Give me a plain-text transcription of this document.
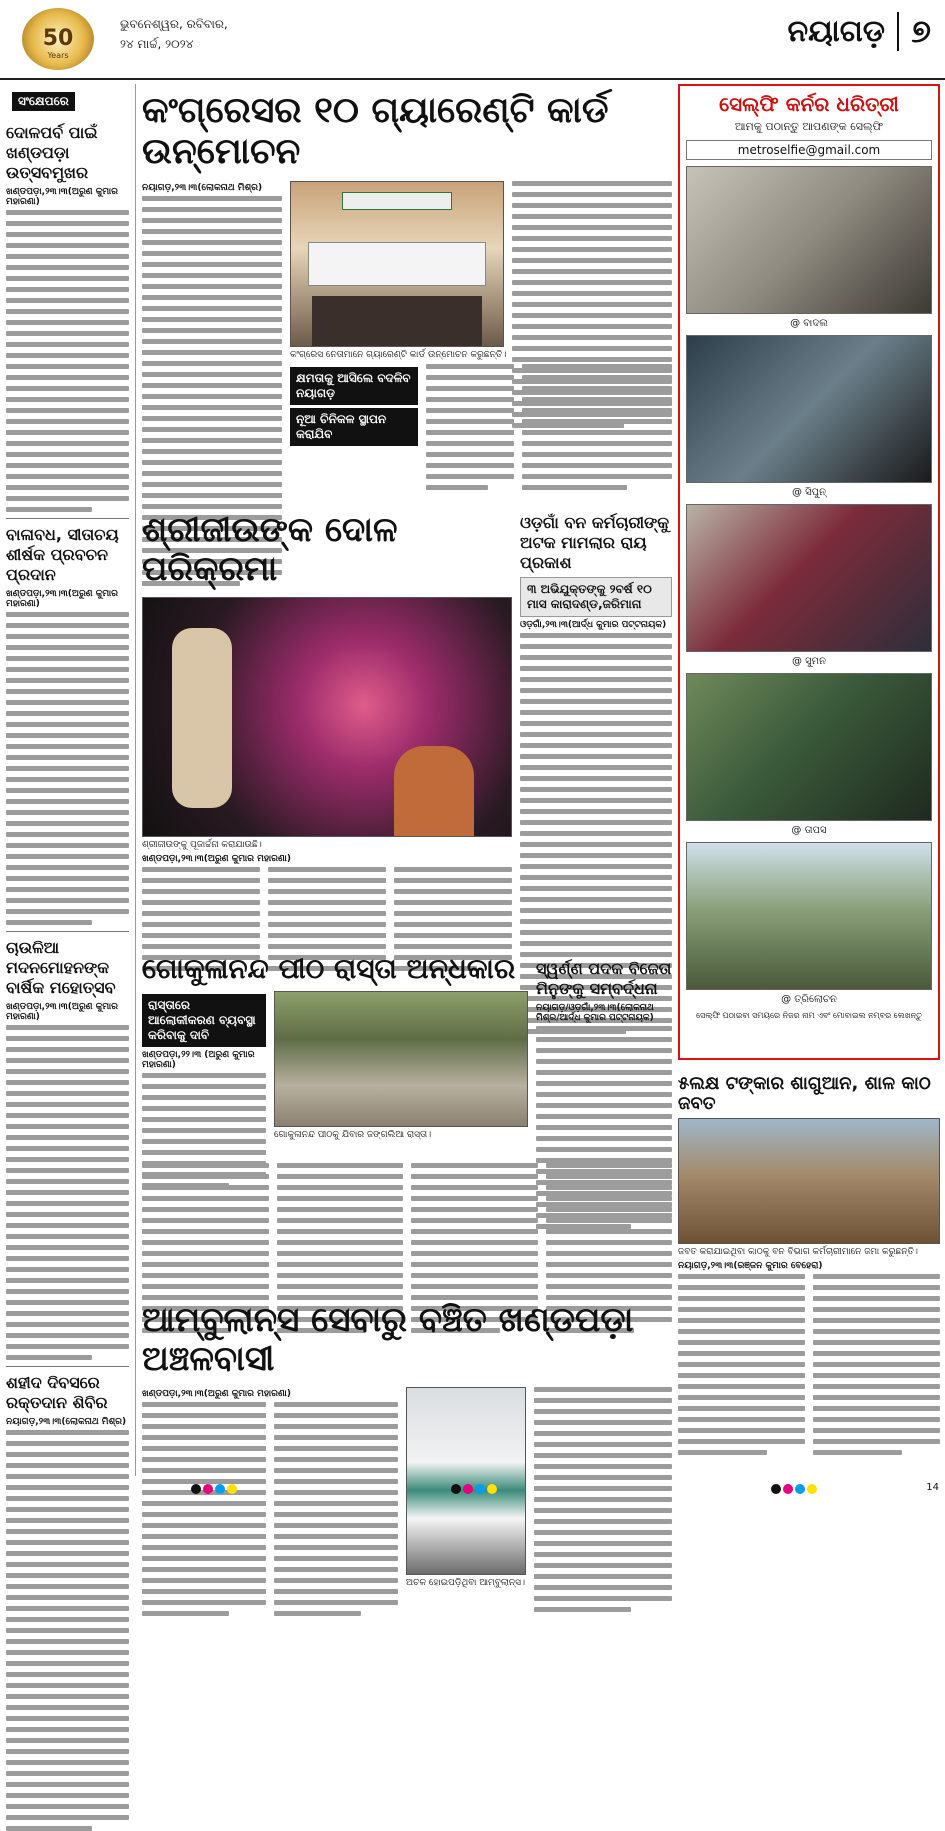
50
Years
ଭୁବନେଶ୍ୱର, ରବିବାର,
୨୪ ମାର୍ଚ୍ଚ, ୨୦୨୪	ନୟାଗଡ଼ ୭
ସଂକ୍ଷେପରେ
ଦୋଳପର୍ବ ପାଇଁ ଖଣ୍ଡପଡ଼ା ଉତ୍ସବମୁଖର
ଖଣ୍ଡପଡ଼ା,୨୩।୩(ଅରୁଣ କୁମାର ମହାରଣା)
ବାଳାବଧ, ସୀତାଚୟ ଶୀର୍ଷକ ପ୍ରବଚନ ପ୍ରଦାନ
ଖଣ୍ଡପଡ଼ା,୨୩।୩(ଅରୁଣ କୁମାର ମହାରଣା)
ଚାଉଳିଆ ମଦନମୋହନଙ୍କ ବାର୍ଷିକ ମହୋତ୍ସବ
ଖଣ୍ଡପଡ଼ା,୨୩।୩(ଅରୁଣ କୁମାର ମହାରଣା)
ଶହୀଦ ଦିବସରେ ରକ୍ତଦାନ ଶିବିର
ନୟାଗଡ଼,୨୩।୩(ଲୋକନାଥ ମିଶ୍ର)
କଂଗ୍ରେସର ୧୦ ଗ୍ୟାରେଣ୍ଟି କାର୍ଡ ଉନ୍ମୋଚନ
ନୟାଗଡ଼,୨୩।୩(ଲୋକନାଥ ମିଶ୍ର)
କଂଗ୍ରେସ ନେତାମାନେ ଗ୍ୟାରେଣ୍ଟି କାର୍ଡ ଉନ୍ମୋଚନ କରୁଛନ୍ତି।
କ୍ଷମତାକୁ ଆସିଲେ ବଦଳିବ ନୟାଗଡ଼
ନୂଆ ଚିନିକଳ ସ୍ଥାପନ କରାଯିବ
ଶ୍ରୀଜୀଉଙ୍କ ଦୋଳ ପରିକ୍ରମା
ଶ୍ରୀଜୀଉଙ୍କୁ ପୂଜାର୍ଚ୍ଚନା କରାଯାଉଛି।
ଖଣ୍ଡପଡ଼ା,୨୩।୩(ଅରୁଣ କୁମାର ମହାରଣା)
ଓଡ଼ଗାଁ ବନ କର୍ମଚାରୀଙ୍କୁ ଅଟକ ମାମଲାର ରାୟ ପ୍ରକାଶ
୩ ଅଭିଯୁକ୍ତଙ୍କୁ ୨ବର୍ଷ ୧୦ ମାସ କାରାଦଣ୍ଡ,ଜରିମାନା
ଓଡ଼ଗାଁ,୨୩।୩(ଆର୍ଦ୍ଧ କୁମାର ପଟ୍ଟନାୟକ)
ଗୋକୁଳାନନ୍ଦ ପୀଠ ରାସ୍ତା ଅନ୍ଧକାର
ରାସ୍ତାରେ ଆଲୋକୀକରଣ ବ୍ୟବସ୍ଥା କରିବାକୁ ଦାବି
ଖଣ୍ଡପଡ଼ା,୨୨।୩ (ଅରୁଣ କୁମାର ମହାରଣା)
ଗୋକୁଳାନନ୍ଦ ପୀଠକୁ ଯିବାର ଜଙ୍ଗଲିଆ ରାସ୍ତା।
ସ୍ୱର୍ଣ୍ଣ ପଦକ ବିଜେତା ମିନୁଙ୍କୁ ସମ୍ବର୍ଦ୍ଧନା
ନୟାଗଡ଼/ଓଡ଼ଗାଁ,୨୩।୩(ଲୋକନାଥ ମିଶ୍ର/ଆର୍ଦ୍ଧ କୁମାର ପଟ୍ଟନାୟକ)
ଆମ୍ବୁଲାନ୍ସ ସେବାରୁ ବଞ୍ଚିତ ଖଣ୍ଡପଡ଼ା ଅଞ୍ଚଳବାସୀ
ଖଣ୍ଡପଡ଼ା,୨୩।୩(ଅରୁଣ କୁମାର ମହାରଣା)
ଅଚଳ ହୋଇପଡ଼ିଥିବା ଆମ୍ବୁଲାନ୍ସ।
ସେଲ୍ଫି କର୍ନର ଧରିତ୍ରୀ
ଆମକୁ ପଠାନ୍ତୁ ଆପଣଙ୍କ ସେଲ୍ଫି
metroselfie@gmail.com
@ ବାଦଲ
@ ସିପୁନ୍
@ ସୁମନ
@ ତାପସ
@ ତ୍ରିଲୋଚନ
ସେଲ୍ଫି ପଠାଇବା ସମୟରେ ନିଜର ନାମ ଏବଂ ମୋବାଇଲ ନମ୍ବର ଲେଖନ୍ତୁ
୫ଲକ୍ଷ ଟଙ୍କାର ଶାଗୁଆନ, ଶାଳ କାଠ ଜବତ
ଜବତ କରାଯାଇଥିବା କାଠକୁ ବନ ବିଭାଗ କର୍ମଚାରୀମାନେ ଜମା କରୁଛନ୍ତି।
ନୟାଗଡ଼,୨୩।୩(ରଞ୍ଜନ କୁମାର ବେହେରା)
14
